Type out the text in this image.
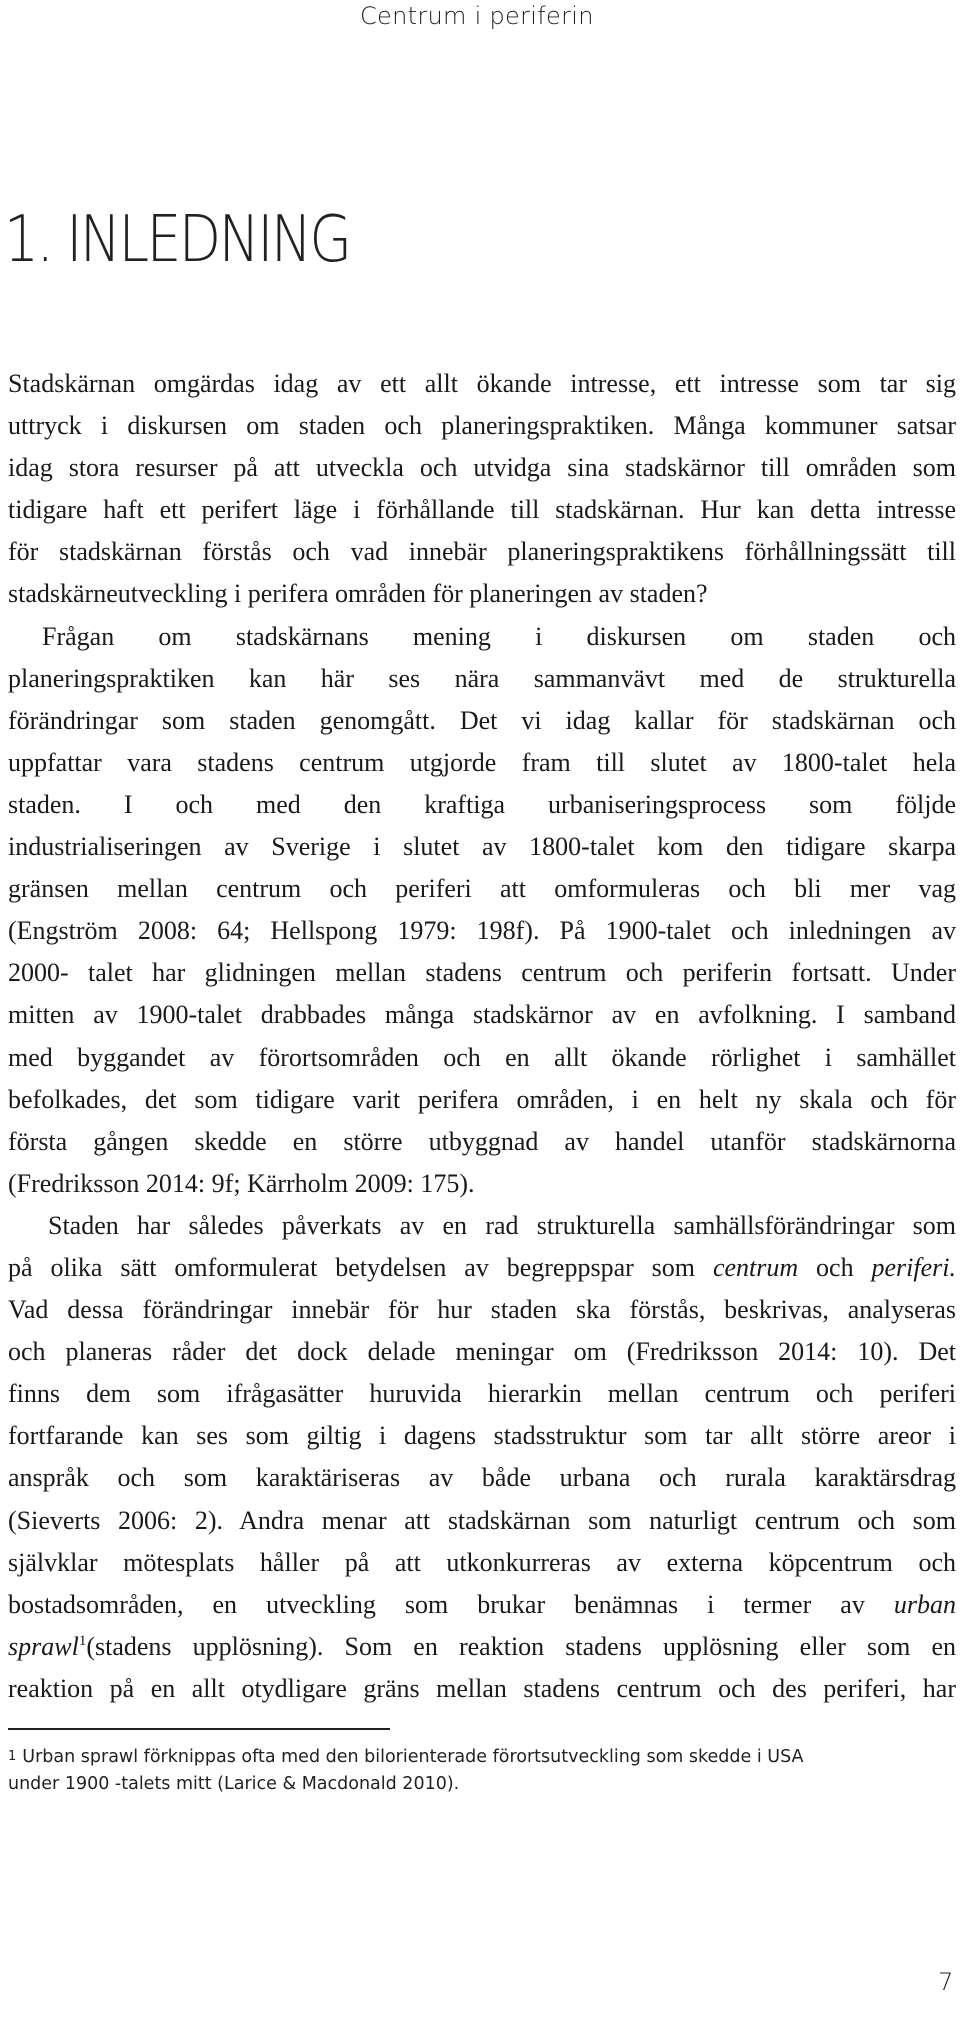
Centrum i periferin
1. INLEDNING
Stadskärnan omgärdas idag av ett allt ökande intresse, ett intresse som tar sig
uttryck i diskursen om staden och planeringspraktiken. Många kommuner satsar
idag stora resurser på att utveckla och utvidga sina stadskärnor till områden som
tidigare haft ett perifert läge i förhållande till stadskärnan. Hur kan detta intresse
för stadskärnan förstås och vad innebär planeringspraktikens förhållningssätt till
stadskärneutveckling i perifera områden för planeringen av staden?
Frågan om stadskärnans mening i diskursen om staden och
planeringspraktiken kan här ses nära sammanvävt med de strukturella
förändringar som staden genomgått. Det vi idag kallar för stadskärnan och
uppfattar vara stadens centrum utgjorde fram till slutet av 1800-talet hela
staden. I och med den kraftiga urbaniseringsprocess som följde
industrialiseringen av Sverige i slutet av 1800-talet kom den tidigare skarpa
gränsen mellan centrum och periferi att omformuleras och bli mer vag
(Engström 2008: 64; Hellspong 1979: 198f). På 1900-talet och inledningen av
2000- talet har glidningen mellan stadens centrum och periferin fortsatt. Under
mitten av 1900-talet drabbades många stadskärnor av en avfolkning. I samband
med byggandet av förortsområden och en allt ökande rörlighet i samhället
befolkades, det som tidigare varit perifera områden, i en helt ny skala och för
första gången skedde en större utbyggnad av handel utanför stadskärnorna
(Fredriksson 2014: 9f; Kärrholm 2009: 175).
Staden har således påverkats av en rad strukturella samhällsförändringar som
på olika sätt omformulerat betydelsen av begreppspar som centrum och periferi.
Vad dessa förändringar innebär för hur staden ska förstås, beskrivas, analyseras
och planeras råder det dock delade meningar om (Fredriksson 2014: 10). Det
finns dem som ifrågasätter huruvida hierarkin mellan centrum och periferi
fortfarande kan ses som giltig i dagens stadsstruktur som tar allt större areor i
anspråk och som karaktäriseras av både urbana och rurala karaktärsdrag
(Sieverts 2006: 2). Andra menar att stadskärnan som naturligt centrum och som
självklar mötesplats håller på att utkonkurreras av externa köpcentrum och
bostadsområden, en utveckling som brukar benämnas i termer av urban
sprawl$^1$(stadens upplösning). Som en reaktion stadens upplösning eller som en
reaktion på en allt otydligare gräns mellan stadens centrum och des periferi, har
1 Urban sprawl förknippas ofta med den bilorienterade förortsutveckling som skedde i USA
under 1900 -talets mitt (Larice & Macdonald 2010).
7
